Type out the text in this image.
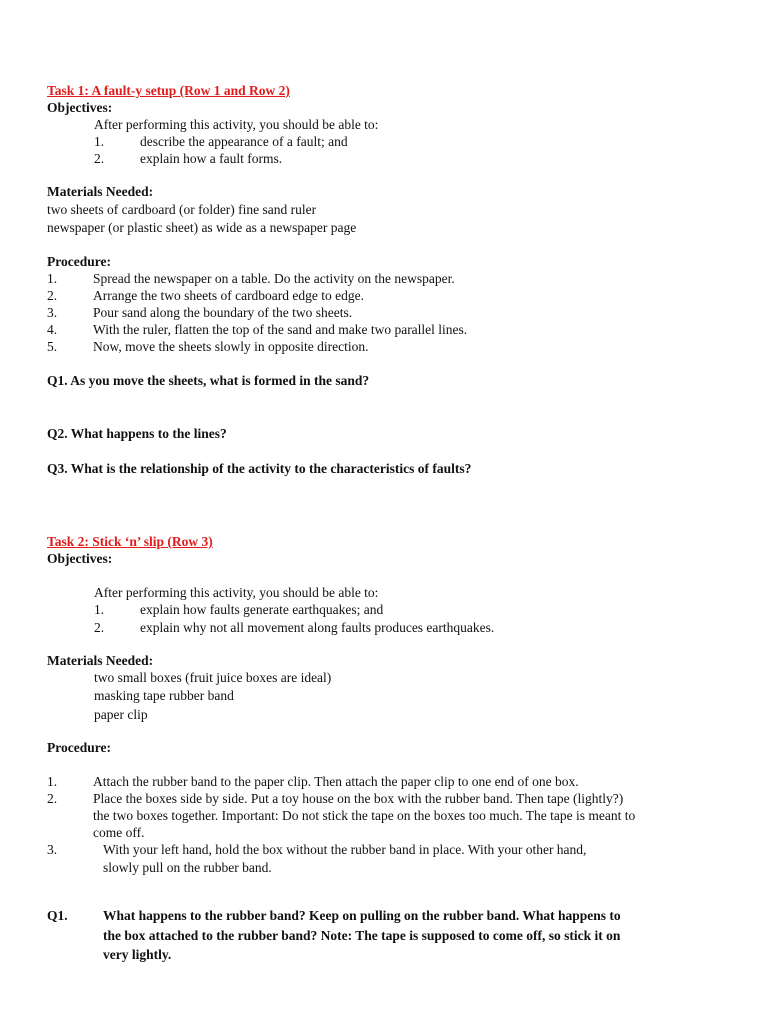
Task 1: A fault-y setup (Row 1 and Row 2)
Objectives:
After performing this activity, you should be able to:
1.	describe the appearance of a fault; and
2.	explain how a fault forms.
Materials Needed:
two sheets of cardboard (or folder) fine sand ruler
newspaper (or plastic sheet) as wide as a newspaper page
Procedure:
1.	Spread the newspaper on a table. Do the activity on the newspaper.
2.	Arrange the two sheets of cardboard edge to edge.
3.	Pour sand along the boundary of the two sheets.
4.	With the ruler, flatten the top of the sand and make two parallel lines.
5.	Now, move the sheets slowly in opposite direction.
Q1. As you move the sheets, what is formed in the sand?
Q2. What happens to the lines?
Q3. What is the relationship of the activity to the characteristics of faults?
Task 2: Stick ‘n’ slip (Row 3)
Objectives:
After performing this activity, you should be able to:
1.	explain how faults generate earthquakes; and
2.	explain why not all movement along faults produces earthquakes.
Materials Needed:
two small boxes (fruit juice boxes are ideal)
masking tape rubber band
paper clip
Procedure:
1.	Attach the rubber band to the paper clip. Then attach the paper clip to one end of one box.
2.	Place the boxes side by side. Put a toy house on the box with the rubber band. Then tape (lightly?)
the two boxes together. Important: Do not stick the tape on the boxes too much. The tape is meant to
come off.
3.	With your left hand, hold the box without the rubber band in place. With your other hand,
slowly pull on the rubber band.
Q1.	What happens to the rubber band? Keep on pulling on the rubber band. What happens to
the box attached to the rubber band? Note: The tape is supposed to come off, so stick it on
very lightly.
